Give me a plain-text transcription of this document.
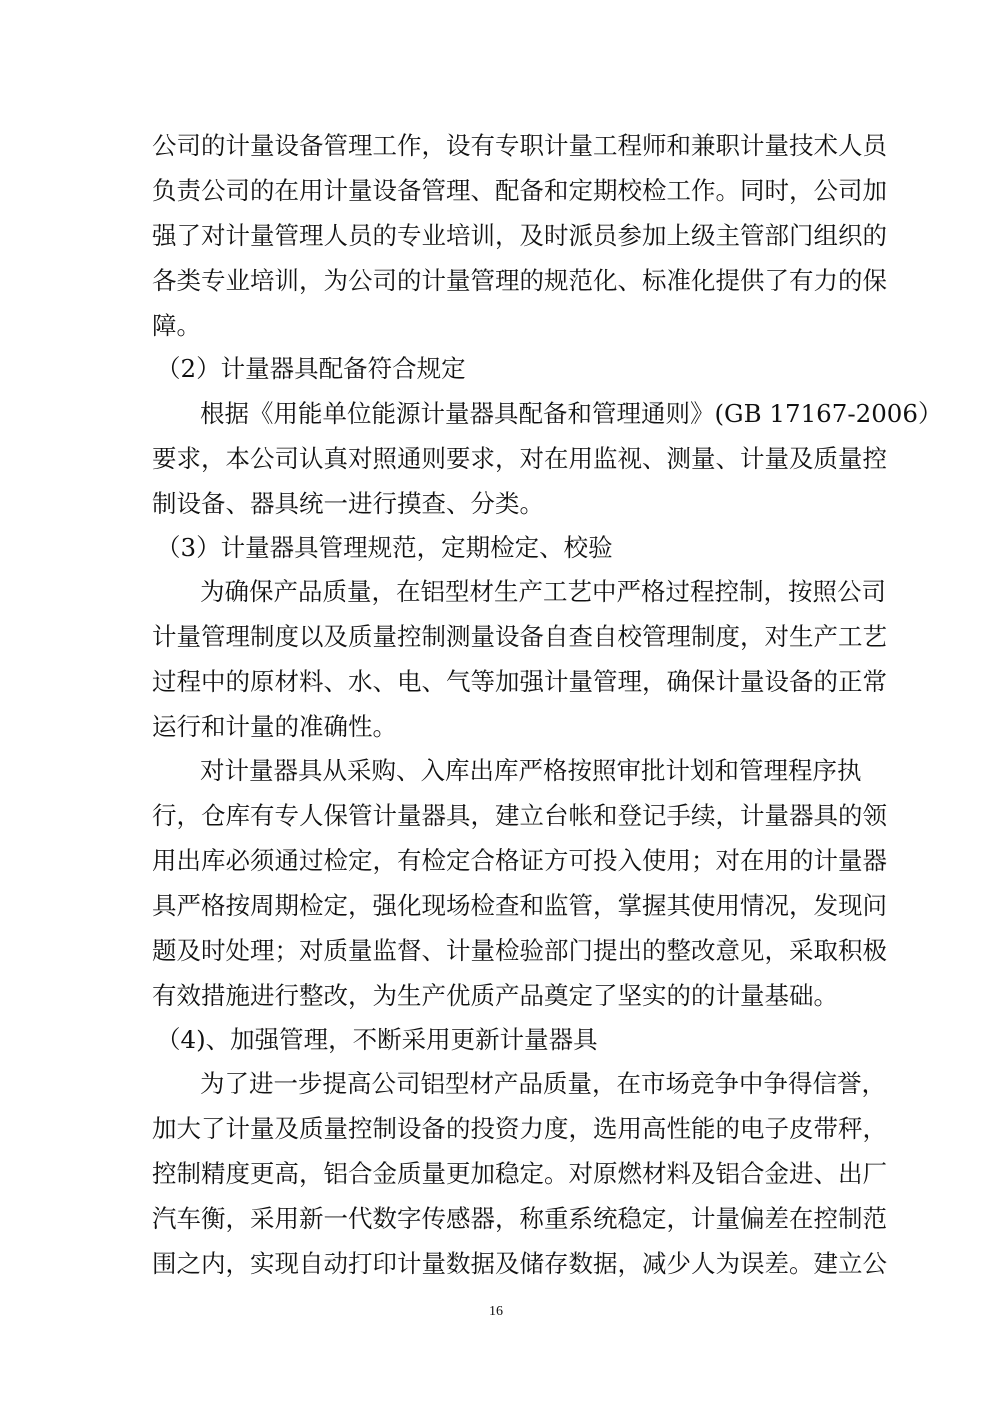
公司的计量设备管理工作，设有专职计量工程师和兼职计量技术人员
负责公司的在用计量设备管理、配备和定期校检工作。同时，公司加
强了对计量管理人员的专业培训，及时派员参加上级主管部门组织的
各类专业培训，为公司的计量管理的规范化、标准化提供了有力的保
障。
（2）计量器具配备符合规定
根据《用能单位能源计量器具配备和管理通则》(GB 17167-2006）
要求，本公司认真对照通则要求，对在用监视、测量、计量及质量控
制设备、器具统一进行摸查、分类。
（3）计量器具管理规范，定期检定、校验
为确保产品质量，在铝型材生产工艺中严格过程控制，按照公司
计量管理制度以及质量控制测量设备自查自校管理制度，对生产工艺
过程中的原材料、水、电、气等加强计量管理，确保计量设备的正常
运行和计量的准确性。
对计量器具从采购、入库出库严格按照审批计划和管理程序执
行，仓库有专人保管计量器具，建立台帐和登记手续，计量器具的领
用出库必须通过检定，有检定合格证方可投入使用；对在用的计量器
具严格按周期检定，强化现场检查和监管，掌握其使用情况，发现问
题及时处理；对质量监督、计量检验部门提出的整改意见，采取积极
有效措施进行整改，为生产优质产品奠定了坚实的的计量基础。
（4)、加强管理，不断采用更新计量器具
为了进一步提高公司铝型材产品质量，在市场竞争中争得信誉，
加大了计量及质量控制设备的投资力度，选用高性能的电子皮带秤，
控制精度更高，铝合金质量更加稳定。对原燃材料及铝合金进、出厂
汽车衡，采用新一代数字传感器，称重系统稳定，计量偏差在控制范
围之内，实现自动打印计量数据及储存数据，减少人为误差。建立公
16
